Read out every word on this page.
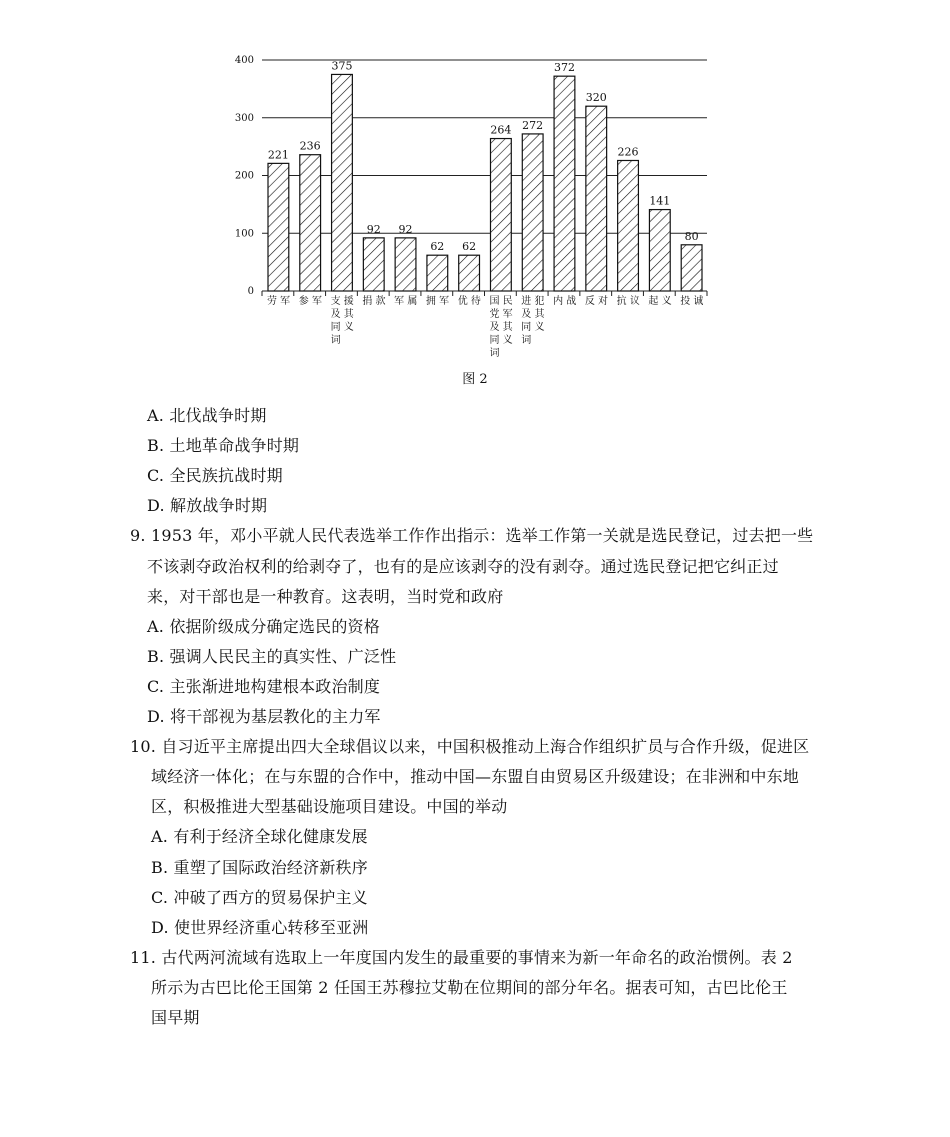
0
100
200
300
400
221
236
375
92 92
62 62
264 272
372
320
226
141
80
劳 军 参 军 支 援及 其同 义词
捐 款 军 属 拥 军 优 待 国 民党 军及 其同 义词
进 犯及 其同 义词
内 战 反 对 抗 议 起 义 投 诚
图 2
A. 北伐战争时期
B. 土地革命战争时期
C. 全民族抗战时期
D. 解放战争时期
9. 1953 年，邓小平就人民代表选举工作作出指示：选举工作第一关就是选民登记，过去把一些
不该剥夺政治权利的给剥夺了，也有的是应该剥夺的没有剥夺。通过选民登记把它纠正过
来，对干部也是一种教育。这表明，当时党和政府
A. 依据阶级成分确定选民的资格
B. 强调人民民主的真实性、广泛性
C. 主张渐进地构建根本政治制度
D. 将干部视为基层教化的主力军
10. 自习近平主席提出四大全球倡议以来，中国积极推动上海合作组织扩员与合作升级，促进区
域经济一体化；在与东盟的合作中，推动中国—东盟自由贸易区升级建设；在非洲和中东地
区，积极推进大型基础设施项目建设。中国的举动
A. 有利于经济全球化健康发展
B. 重塑了国际政治经济新秩序
C. 冲破了西方的贸易保护主义
D. 使世界经济重心转移至亚洲
11. 古代两河流域有选取上一年度国内发生的最重要的事情来为新一年命名的政治惯例。表 2
所示为古巴比伦王国第 2 任国王苏穆拉艾勒在位期间的部分年名。据表可知，古巴比伦王
国早期
